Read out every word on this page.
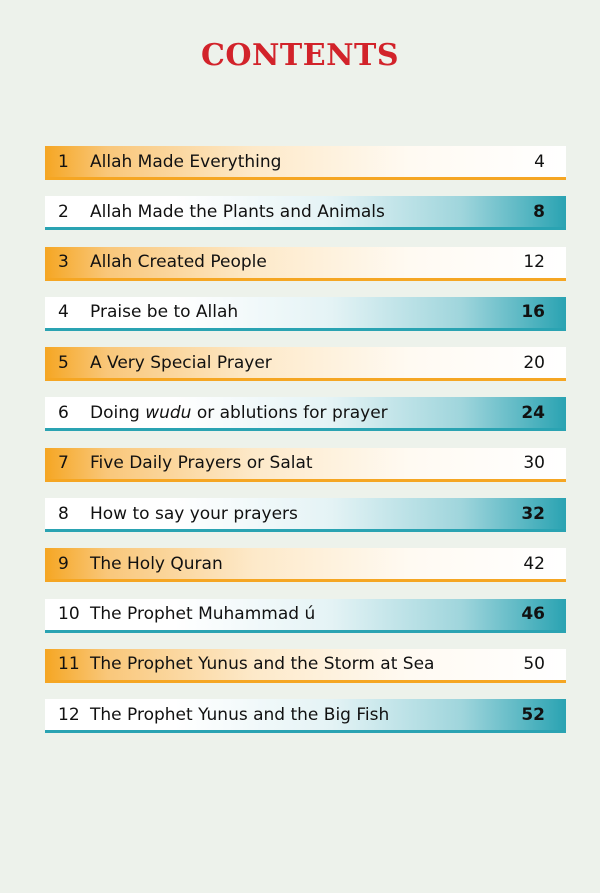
CONTENTS
1	Allah Made Everything	4
2	Allah Made the Plants and Animals	8
3	Allah Created People	12
4	Praise be to Allah	16
5	A Very Special Prayer	20
6	Doing wudu or ablutions for prayer	24
7	Five Daily Prayers or Salat	30
8	How to say your prayers	32
9	The Holy Quran	42
10 The Prophet Muhammad ú	46
11 The Prophet Yunus and the Storm at Sea	50
12 The Prophet Yunus and the Big Fish	52
